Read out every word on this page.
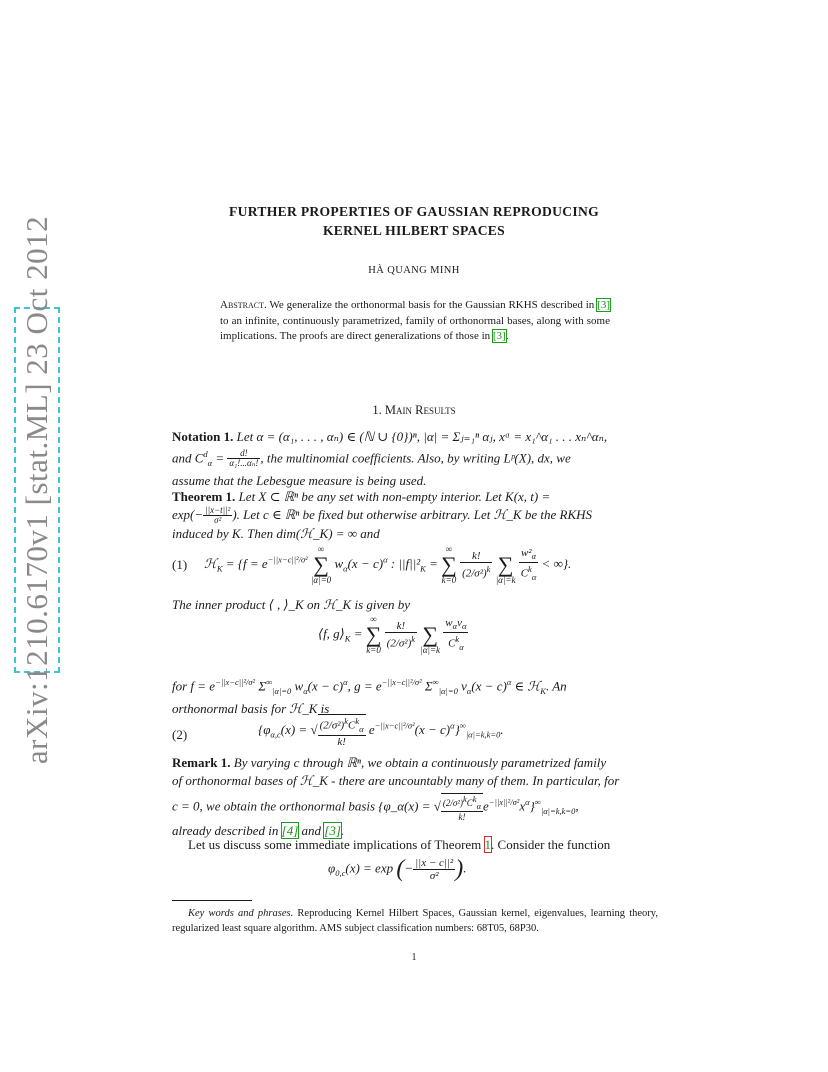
arXiv:1210.6170v1 [stat.ML] 23 Oct 2012
FURTHER PROPERTIES OF GAUSSIAN REPRODUCING
KERNEL HILBERT SPACES
HÀ QUANG MINH
Abstract. We generalize the orthonormal basis for the Gaussian RKHS described in [3] to an infinite, continuously parametrized, family of orthonormal bases, along with some implications. The proofs are direct generalizations of those in [3].
1. Main Results
Notation 1. Let α = (α₁, . . . , αₙ) ∈ (ℕ ∪ {0})ⁿ, |α| = Σⱼ₌₁ⁿ αⱼ, xᵅ = x₁^α₁ . . . xₙ^αₙ,
and $C^d_\alpha = \frac{d!}{\text{α₁!...αₙ!}}$ , the multinomial coefficients. Also, by writing Lᵖ(X), dx, we
assume that the Lebesgue measure is being used.
Theorem 1. Let X ⊂ ℝⁿ be any set with non-empty interior. Let K(x, t) =
$\exp(- \frac{\text{||x−t||²}}{\text{σ²}}$ ). Let c ∈ ℝⁿ be fixed but otherwise arbitrary. Let ℋ_K be the RKHS
induced by K. Then dim(ℋ_K) = ∞ and
(1) ℋ$_K$ = {$f = e^{-||x-c||^2/\sigma^2}$
∞
∑
|α|=0
$w_\alpha(x - c)^\alpha$ : $||f||^2_K$ =
∞
∑
k=0

$\frac{k!}{(2/\sigma^2)^k}$

∑
|α|=k
$\frac{w^2_\alpha}{C^k_\alpha}$ < ∞}.
The inner product ⟨ , ⟩_K on ℋ_K is given by
⟨f, $g⟩_K$ =
∞
∑
k=0

$\frac{k!}{(2/\sigma^2)^k}$

∑
|α|=k
$\frac{w_\alpha v_\alpha}{C^k_\alpha}$
for $f = e^{-||x-c||^2/\sigma^2}$ $\Sigma^\infty_{|\alpha|=0}$ $w_\alpha(x - c)^\alpha$, $g = e^{-||x-c||^2/\sigma^2}$ $\Sigma^\infty_{|\alpha|=0}$ $v_\alpha(x - c)^\alpha$ ∈ ℋ$_K$. An
orthonormal basis for ℋ_K is
(2)	{$\varphi_{\alpha,c}(x)$ = √ $\frac{(2/\sigma^2)^kC^k_\alpha}{k!} e^{-||x-c||^2/\sigma^2}(x - c)^\alpha\}^\infty_{|\alpha|=k,k=0}$.
Remark 1. By varying c through ℝⁿ, we obtain a continuously parametrized family
of orthonormal bases of ℋ_K - there are uncountably many of them. In particular, for
c = 0, we obtain the orthonormal basis {φ_α(x) = √ $\frac{(2/\sigma^2)^kC^k_\alpha}{k!} e^{-||x||^2/\sigma^2}x^\alpha\}^\infty_{|\alpha|=k,k=0}$,
already described in [4] and [3].
Let us discuss some immediate implications of Theorem 1. Consider the function
$\varphi_{0,c}(x) = \exp$ (− $\frac{\text{||x − c||²}}{\text{σ²}}$ ).
Key words and phrases. Reproducing Kernel Hilbert Spaces, Gaussian kernel, eigenvalues, learning theory, regularized least square algorithm. AMS subject classification numbers: 68T05, 68P30.
1
